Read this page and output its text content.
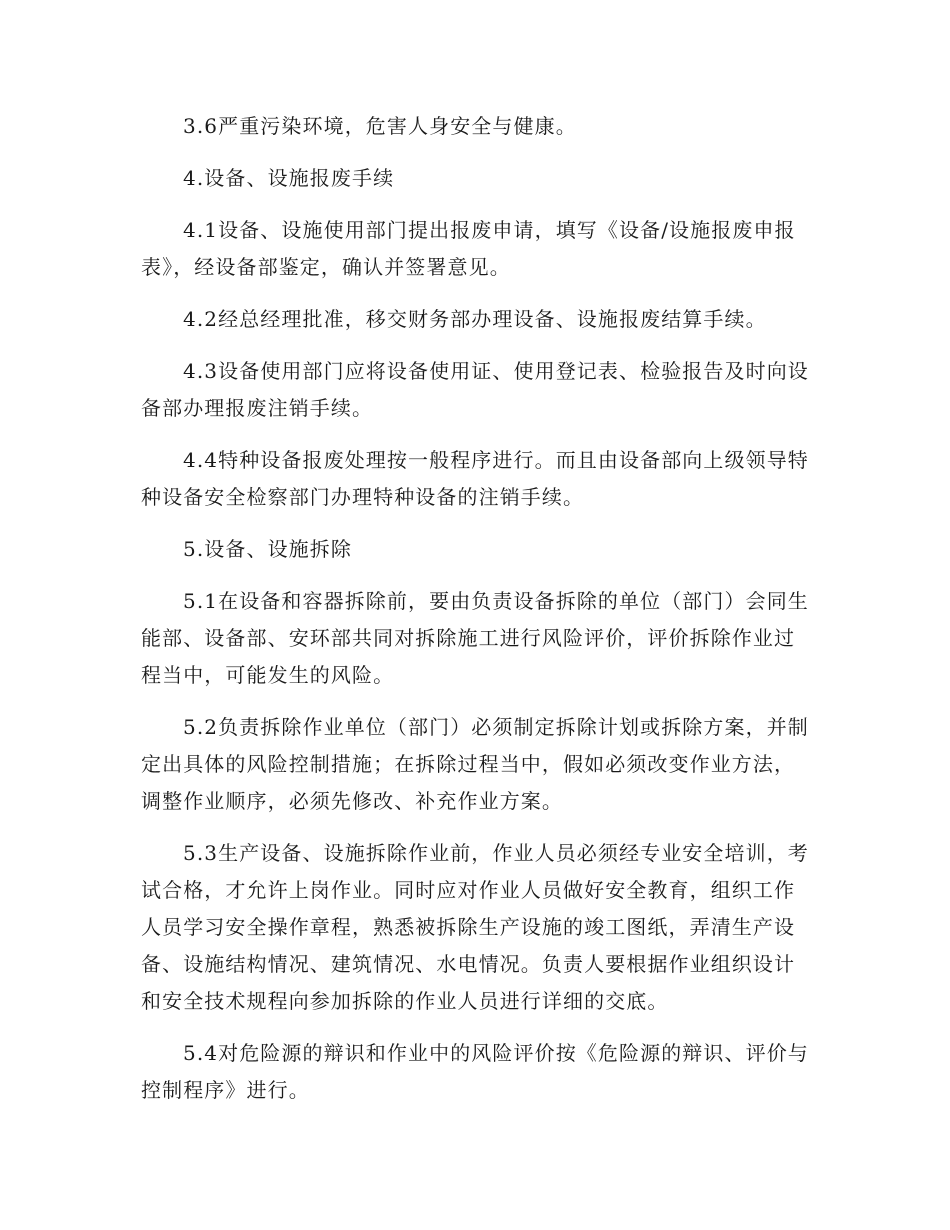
3.6严重污染环境，危害人身安全与健康。

4.设备、设施报废手续

4.1设备、设施使用部门提出报废申请，填写《设备/设施报废申报表》，经设备部鉴定，确认并签署意见。

4.2经总经理批准，移交财务部办理设备、设施报废结算手续。

4.3设备使用部门应将设备使用证、使用登记表、检验报告及时向设备部办理报废注销手续。

4.4特种设备报废处理按一般程序进行。而且由设备部向上级领导特种设备安全检察部门办理特种设备的注销手续。

5.设备、设施拆除

5.1在设备和容器拆除前，要由负责设备拆除的单位（部门）会同生能部、设备部、安环部共同对拆除施工进行风险评价，评价拆除作业过程当中，可能发生的风险。

5.2负责拆除作业单位（部门）必须制定拆除计划或拆除方案，并制定出具体的风险控制措施；在拆除过程当中，假如必须改变作业方法，调整作业顺序，必须先修改、补充作业方案。

5.3生产设备、设施拆除作业前，作业人员必须经专业安全培训，考试合格，才允许上岗作业。同时应对作业人员做好安全教育，组织工作人员学习安全操作章程，熟悉被拆除生产设施的竣工图纸，弄清生产设备、设施结构情况、建筑情况、水电情况。负责人要根据作业组织设计和安全技术规程向参加拆除的作业人员进行详细的交底。

5.4对危险源的辩识和作业中的风险评价按《危险源的辩识、评价与控制程序》进行。
